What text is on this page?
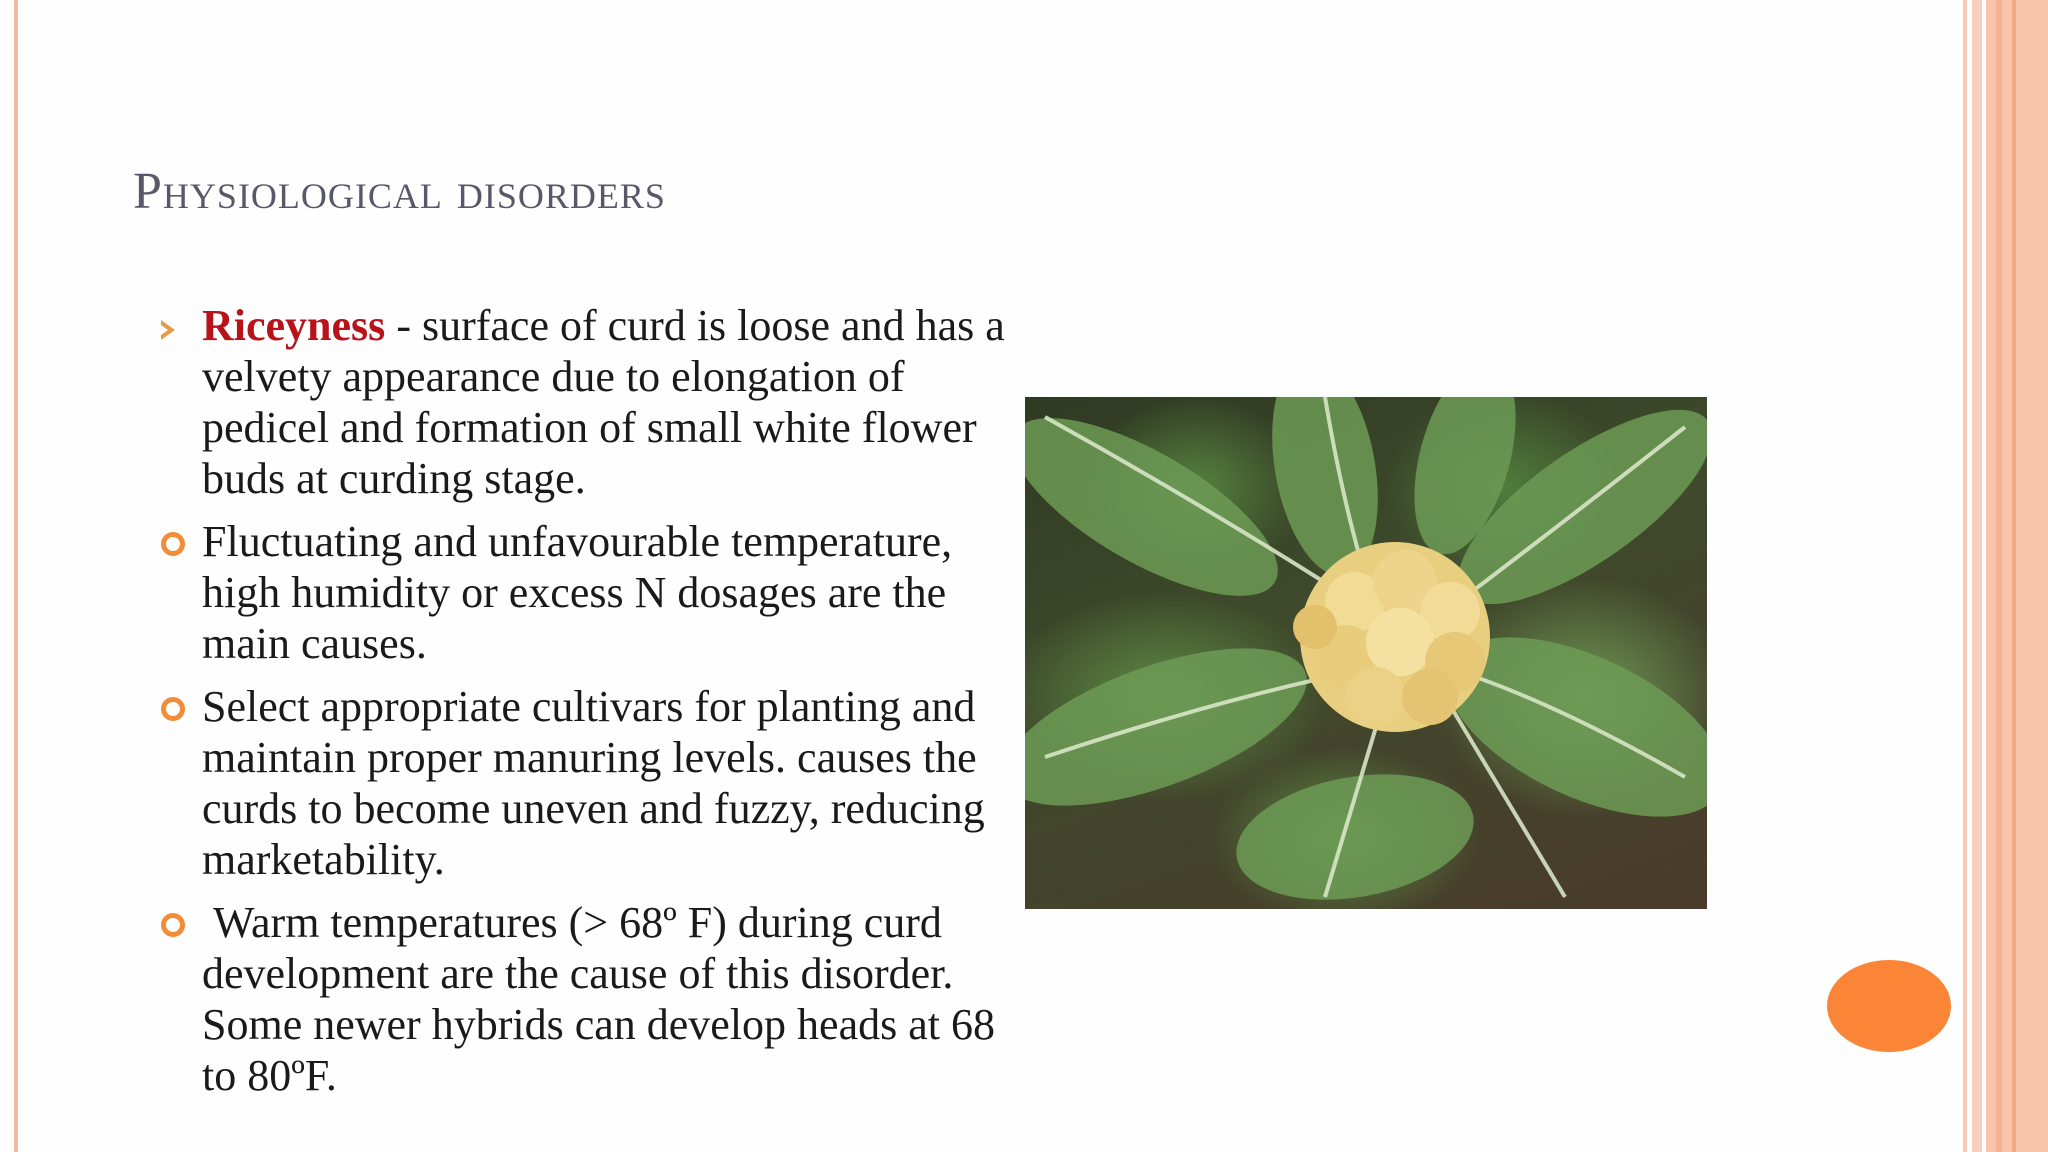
Physiological disorders
Riceyness - surface of curd is loose and has a velvety appearance due to elongation of pedicel and formation of small white flower buds at curding stage.
Fluctuating and unfavourable temperature, high humidity or excess N dosages are the main causes.
Select appropriate cultivars for planting and maintain proper manuring levels. causes the curds to become uneven and fuzzy, reducing marketability.
Warm temperatures (> 68º F) during curd development are the cause of this disorder.  Some newer hybrids can develop heads at 68 to 80ºF.
